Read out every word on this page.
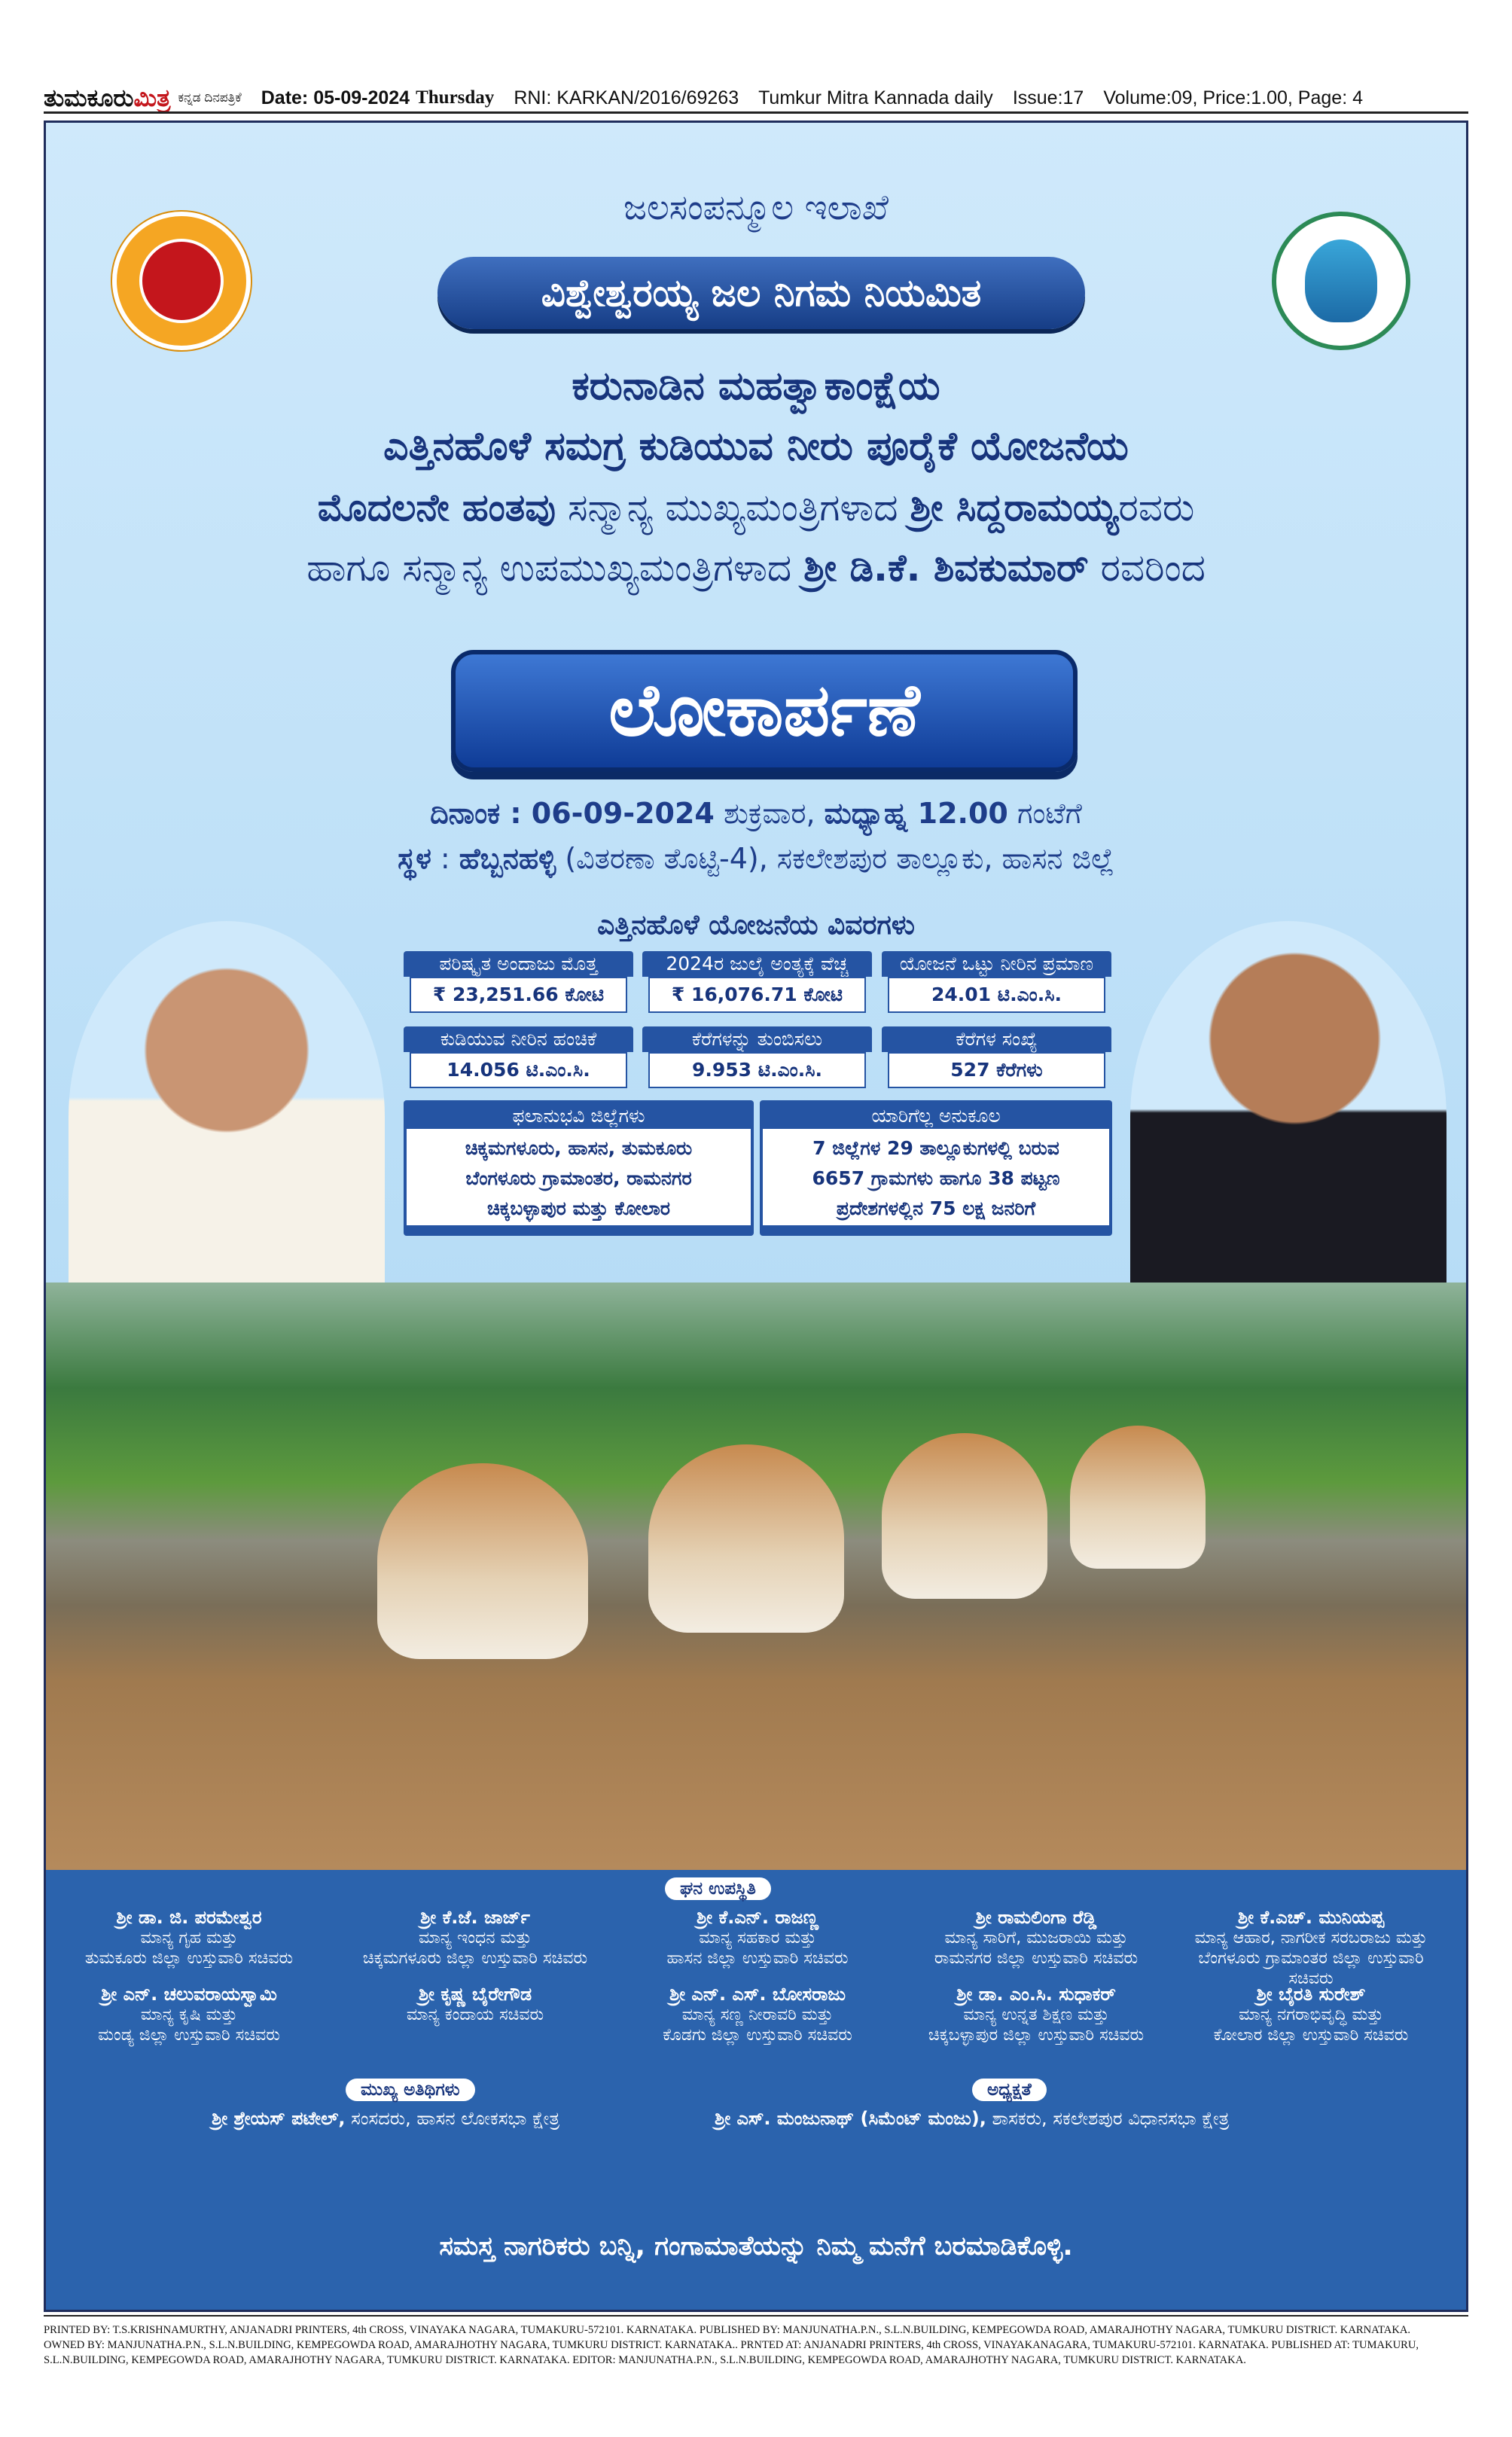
ತುಮಕೂರುಮಿತ್ರ ಕನ್ನಡ ದಿನಪತ್ರಿಕೆ Date: 05-09-2024 Thursday RNI: KARKAN/2016/69263 Tumkur Mitra Kannada daily Issue:17 Volume:09, Price:1.00, Page: 4
ಜಲಸಂಪನ್ಮೂಲ ಇಲಾಖೆ
ವಿಶ್ವೇಶ್ವರಯ್ಯ ಜಲ ನಿಗಮ ನಿಯಮಿತ
ಕರುನಾಡಿನ ಮಹತ್ವಾಕಾಂಕ್ಷೆಯ
ಎತ್ತಿನಹೊಳೆ ಸಮಗ್ರ ಕುಡಿಯುವ ನೀರು ಪೂರೈಕೆ ಯೋಜನೆಯ
ಮೊದಲನೇ ಹಂತವು ಸನ್ಮಾನ್ಯ ಮುಖ್ಯಮಂತ್ರಿಗಳಾದ ಶ್ರೀ ಸಿದ್ದರಾಮಯ್ಯರವರು
ಹಾಗೂ ಸನ್ಮಾನ್ಯ ಉಪಮುಖ್ಯಮಂತ್ರಿಗಳಾದ ಶ್ರೀ ಡಿ.ಕೆ. ಶಿವಕುಮಾರ್ ರವರಿಂದ
ಲೋಕಾರ್ಪಣೆ
ದಿನಾಂಕ : 06-09-2024 ಶುಕ್ರವಾರ, ಮಧ್ಯಾಹ್ನ 12.00 ಗಂಟೆಗೆ
ಸ್ಥಳ : ಹೆಬ್ಬನಹಳ್ಳಿ (ವಿತರಣಾ ತೊಟ್ಟಿ-4), ಸಕಲೇಶಪುರ ತಾಲ್ಲೂಕು, ಹಾಸನ ಜಿಲ್ಲೆ
ಎತ್ತಿನಹೊಳೆ ಯೋಜನೆಯ ವಿವರಗಳು
ಪರಿಷ್ಕೃತ ಅಂದಾಜು ಮೊತ್ತ
₹ 23,251.66 ಕೋಟಿ
2024ರ ಜುಲೈ ಅಂತ್ಯಕ್ಕೆ ವೆಚ್ಚ
₹ 16,076.71 ಕೋಟಿ
ಯೋಜನೆ ಒಟ್ಟು ನೀರಿನ ಪ್ರಮಾಣ
24.01 ಟಿ.ಎಂ.ಸಿ.
ಕುಡಿಯುವ ನೀರಿನ ಹಂಚಿಕೆ
14.056 ಟಿ.ಎಂ.ಸಿ.
ಕೆರೆಗಳನ್ನು ತುಂಬಿಸಲು
9.953 ಟಿ.ಎಂ.ಸಿ.
ಕೆರೆಗಳ ಸಂಖ್ಯೆ
527 ಕೆರೆಗಳು
ಫಲಾನುಭವಿ ಜಿಲ್ಲೆಗಳು
ಚಿಕ್ಕಮಗಳೂರು, ಹಾಸನ, ತುಮಕೂರು
ಬೆಂಗಳೂರು ಗ್ರಾಮಾಂತರ, ರಾಮನಗರ
ಚಿಕ್ಕಬಳ್ಳಾಪುರ ಮತ್ತು ಕೋಲಾರ
ಯಾರಿಗೆಲ್ಲ ಅನುಕೂಲ
7 ಜಿಲ್ಲೆಗಳ 29 ತಾಲ್ಲೂಕುಗಳಲ್ಲಿ ಬರುವ
6657 ಗ್ರಾಮಗಳು ಹಾಗೂ 38 ಪಟ್ಟಣ
ಪ್ರದೇಶಗಳಲ್ಲಿನ 75 ಲಕ್ಷ ಜನರಿಗೆ
ಘನ ಉಪಸ್ಥಿತಿ
ಶ್ರೀ ಡಾ. ಜಿ. ಪರಮೇಶ್ವರ
ಮಾನ್ಯ ಗೃಹ ಮತ್ತು
ತುಮಕೂರು ಜಿಲ್ಲಾ ಉಸ್ತುವಾರಿ ಸಚಿವರು
ಶ್ರೀ ಕೆ.ಜೆ. ಜಾರ್ಜ್
ಮಾನ್ಯ ಇಂಧನ ಮತ್ತು
ಚಿಕ್ಕಮಗಳೂರು ಜಿಲ್ಲಾ ಉಸ್ತುವಾರಿ ಸಚಿವರು
ಶ್ರೀ ಕೆ.ಎನ್. ರಾಜಣ್ಣ
ಮಾನ್ಯ ಸಹಕಾರ ಮತ್ತು
ಹಾಸನ ಜಿಲ್ಲಾ ಉಸ್ತುವಾರಿ ಸಚಿವರು
ಶ್ರೀ ರಾಮಲಿಂಗಾ ರೆಡ್ಡಿ
ಮಾನ್ಯ ಸಾರಿಗೆ, ಮುಜರಾಯಿ ಮತ್ತು
ರಾಮನಗರ ಜಿಲ್ಲಾ ಉಸ್ತುವಾರಿ ಸಚಿವರು
ಶ್ರೀ ಕೆ.ಎಚ್. ಮುನಿಯಪ್ಪ
ಮಾನ್ಯ ಆಹಾರ, ನಾಗರೀಕ ಸರಬರಾಜು ಮತ್ತು
ಬೆಂಗಳೂರು ಗ್ರಾಮಾಂತರ ಜಿಲ್ಲಾ ಉಸ್ತುವಾರಿ ಸಚಿವರು
ಶ್ರೀ ಎನ್. ಚಲುವರಾಯಸ್ವಾಮಿ
ಮಾನ್ಯ ಕೃಷಿ ಮತ್ತು
ಮಂಡ್ಯ ಜಿಲ್ಲಾ ಉಸ್ತುವಾರಿ ಸಚಿವರು
ಶ್ರೀ ಕೃಷ್ಣ ಬೈರೇಗೌಡ
ಮಾನ್ಯ ಕಂದಾಯ ಸಚಿವರು
ಶ್ರೀ ಎನ್. ಎಸ್. ಬೋಸರಾಜು
ಮಾನ್ಯ ಸಣ್ಣ ನೀರಾವರಿ ಮತ್ತು
ಕೊಡಗು ಜಿಲ್ಲಾ ಉಸ್ತುವಾರಿ ಸಚಿವರು
ಶ್ರೀ ಡಾ. ಎಂ.ಸಿ. ಸುಧಾಕರ್
ಮಾನ್ಯ ಉನ್ನತ ಶಿಕ್ಷಣ ಮತ್ತು
ಚಿಕ್ಕಬಳ್ಳಾಪುರ ಜಿಲ್ಲಾ ಉಸ್ತುವಾರಿ ಸಚಿವರು
ಶ್ರೀ ಬೈರತಿ ಸುರೇಶ್
ಮಾನ್ಯ ನಗರಾಭಿವೃದ್ಧಿ ಮತ್ತು
ಕೋಲಾರ ಜಿಲ್ಲಾ ಉಸ್ತುವಾರಿ ಸಚಿವರು
ಮುಖ್ಯ ಅತಿಥಿಗಳು
ಶ್ರೀ ಶ್ರೇಯಸ್ ಪಟೇಲ್, ಸಂಸದರು, ಹಾಸನ ಲೋಕಸಭಾ ಕ್ಷೇತ್ರ
ಅಧ್ಯಕ್ಷತೆ
ಶ್ರೀ ಎಸ್. ಮಂಜುನಾಥ್ (ಸಿಮೆಂಟ್ ಮಂಜು), ಶಾಸಕರು, ಸಕಲೇಶಪುರ ವಿಧಾನಸಭಾ ಕ್ಷೇತ್ರ
ಸಮಸ್ತ ನಾಗರಿಕರು ಬನ್ನಿ, ಗಂಗಾಮಾತೆಯನ್ನು ನಿಮ್ಮ ಮನೆಗೆ ಬರಮಾಡಿಕೊಳ್ಳಿ.
PRINTED BY: T.S.KRISHNAMURTHY, ANJANADRI PRINTERS, 4th CROSS, VINAYAKA NAGARA, TUMAKURU-572101. KARNATAKA. PUBLISHED BY: MANJUNATHA.P.N., S.L.N.BUILDING, KEMPEGOWDA ROAD, AMARAJHOTHY NAGARA, TUMKURU DISTRICT. KARNATAKA.
OWNED BY: MANJUNATHA.P.N., S.L.N.BUILDING, KEMPEGOWDA ROAD, AMARAJHOTHY NAGARA, TUMKURU DISTRICT. KARNATAKA.. PRNTED AT: ANJANADRI PRINTERS, 4th CROSS, VINAYAKANAGARA, TUMAKURU-572101. KARNATAKA. PUBLISHED AT: TUMAKURU,
S.L.N.BUILDING, KEMPEGOWDA ROAD, AMARAJHOTHY NAGARA, TUMKURU DISTRICT. KARNATAKA. EDITOR: MANJUNATHA.P.N., S.L.N.BUILDING, KEMPEGOWDA ROAD, AMARAJHOTHY NAGARA, TUMKURU DISTRICT. KARNATAKA.
